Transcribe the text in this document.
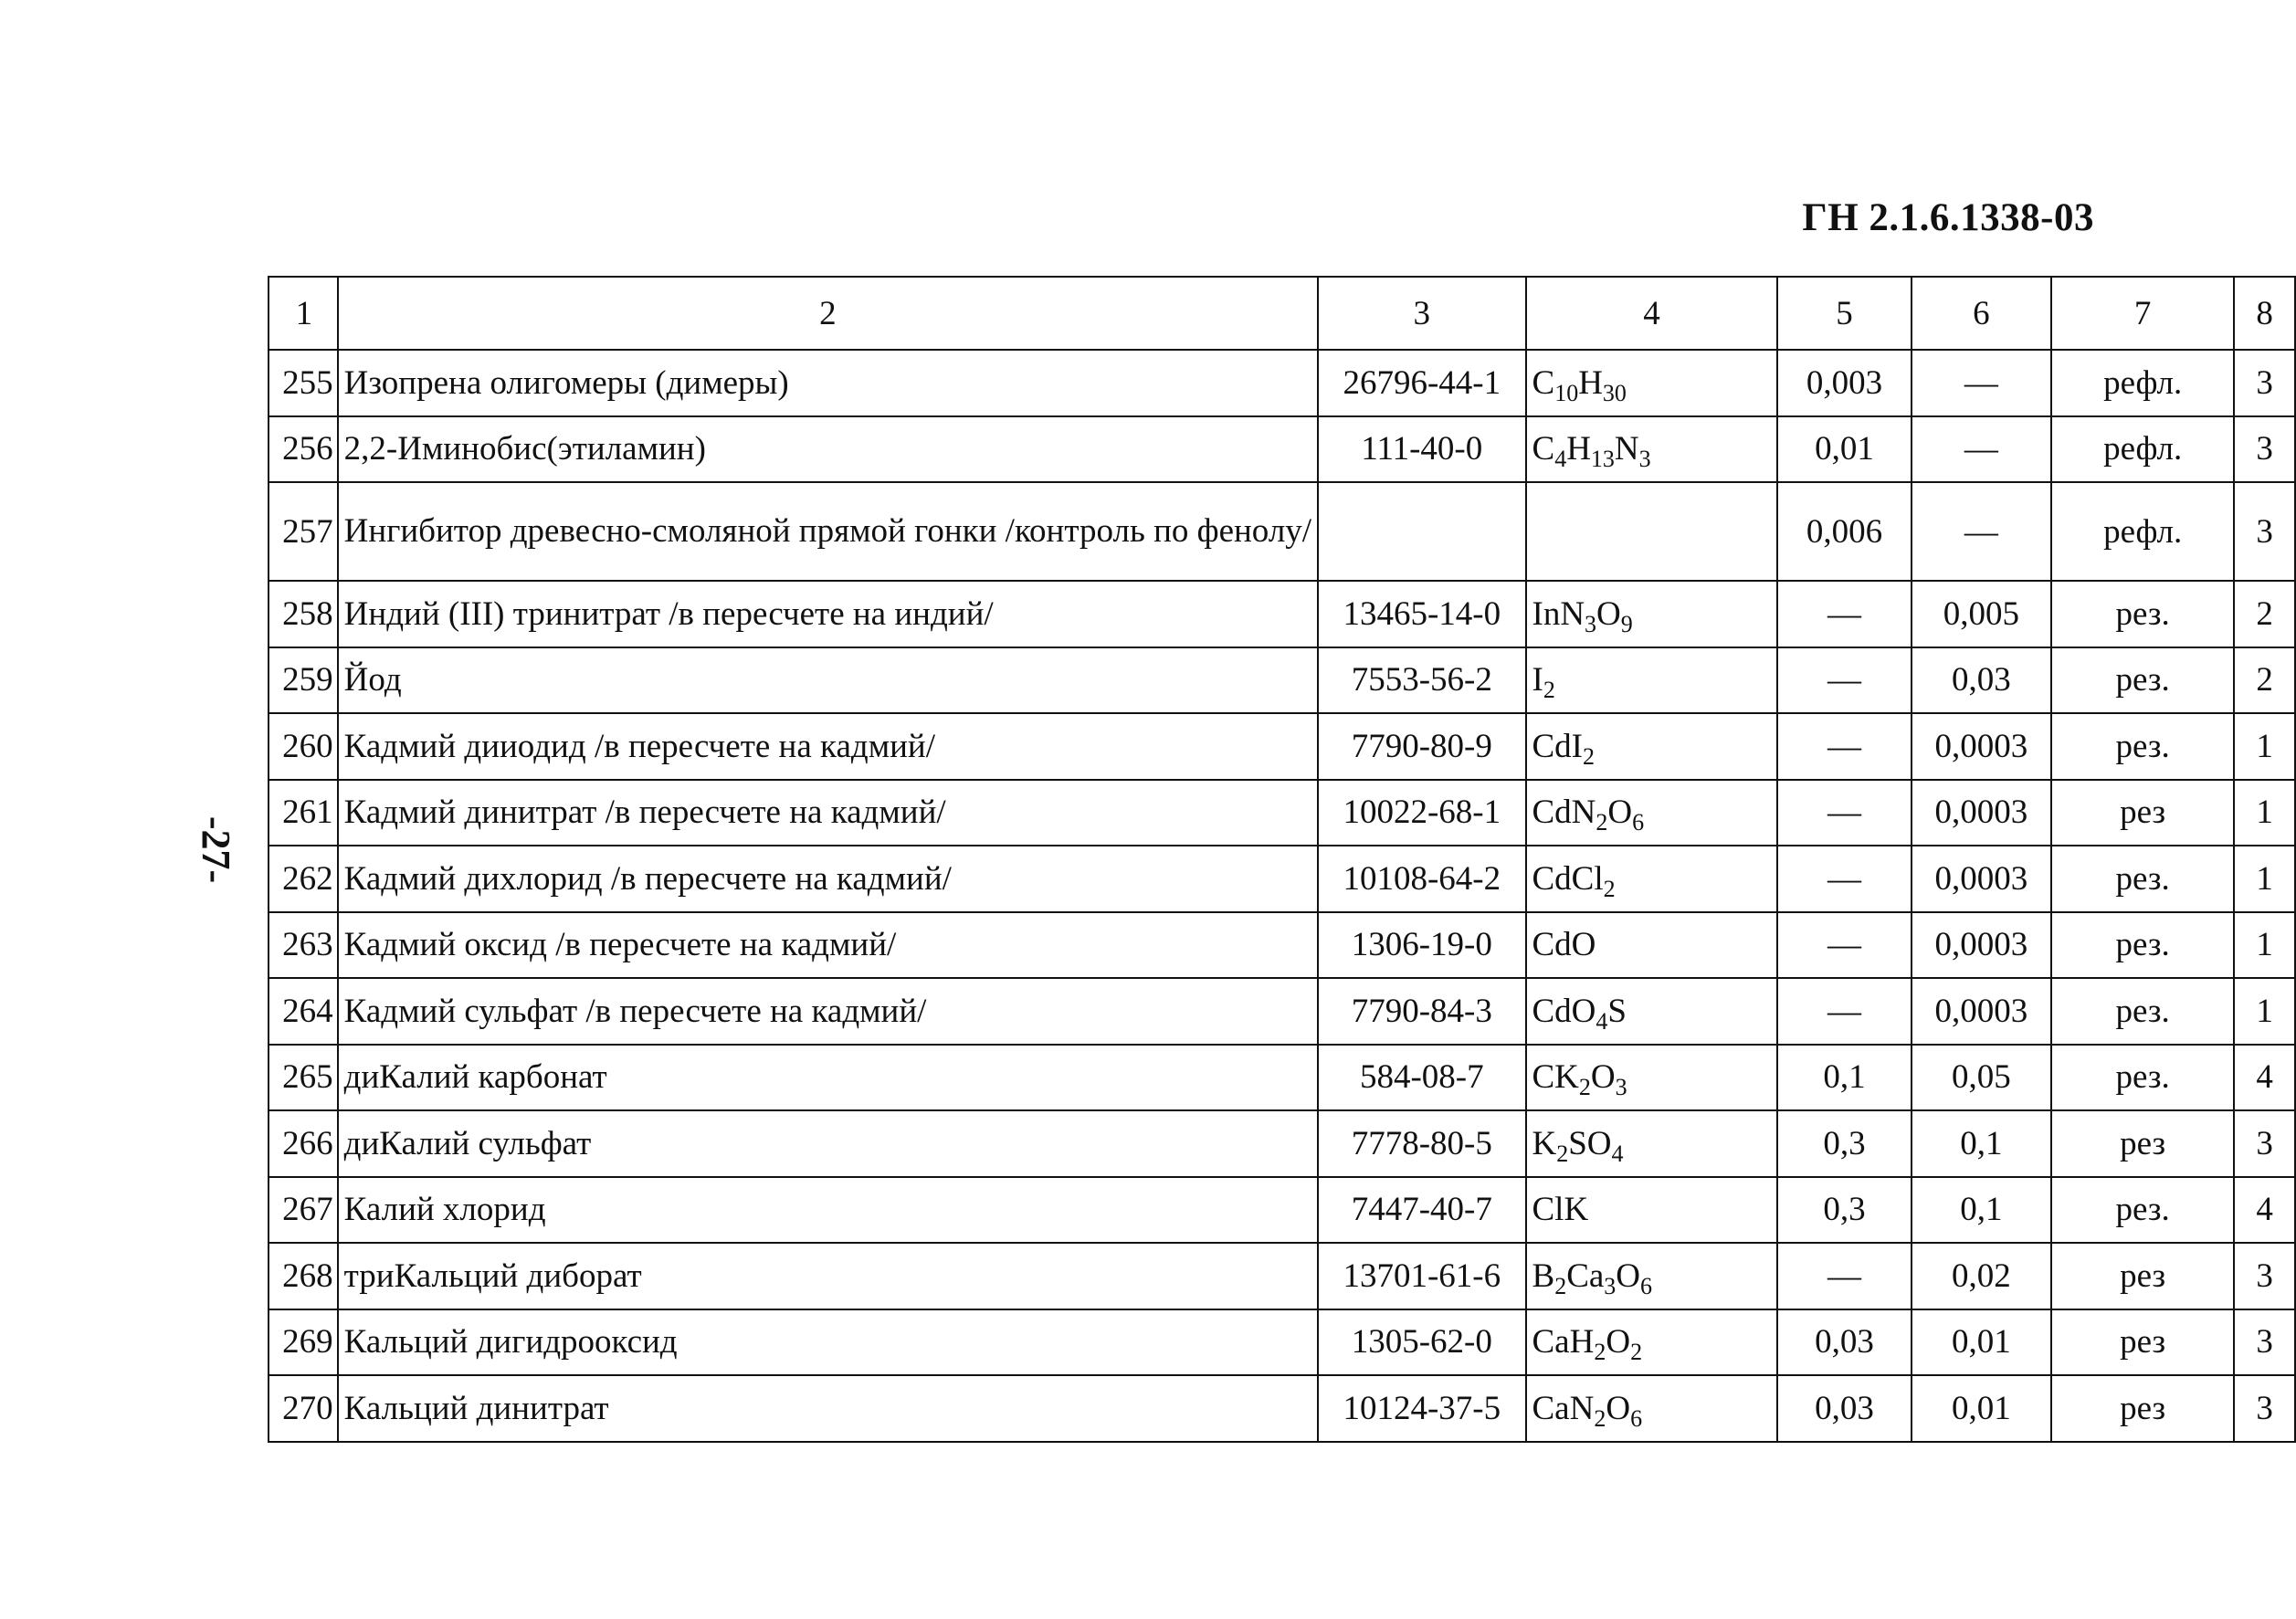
ГН 2.1.6.1338-03
-27-
1	2	3	4	5	6	7	8
255	Изопрена олигомеры (димеры)	26796-44-1	$C_{10}H_{30}$	0,003	—	рефл.	3
256	2,2-Иминобис(этиламин)	111-40-0	$C_4H_{13}N_3$	0,01	—	рефл.	3
257	Ингибитор древесно-смоляной прямой гонки /контроль по фенолу/			0,006	—	рефл.	3
258	Индий (III) тринитрат /в пересчете на индий/	13465-14-0	$InN_3O_9$	—	0,005	рез.	2
259	Йод	7553-56-2	$I_2$	—	0,03	рез.	2
260	Кадмий дииодид /в пересчете на кадмий/	7790-80-9	CdI$_2$	—	0,0003	рез.	1
261	Кадмий динитрат /в пересчете на кадмий/	10022-68-1	$CdN_2O_6$	—	0,0003	рез	1
262	Кадмий дихлорид /в пересчете на кадмий/	10108-64-2	CdCl$_2$	—	0,0003	рез.	1
263	Кадмий оксид /в пересчете на кадмий/	1306-19-0	CdO	—	0,0003	рез.	1
264	Кадмий сульфат /в пересчете на кадмий/	7790-84-3	CdO$_4$S	—	0,0003	рез.	1
265	диКалий карбонат	584-08-7	$CK_2O_3$	0,1	0,05	рез.	4
266	диКалий сульфат	7778-80-5	$K_2SO_4$	0,3	0,1	рез	3
267	Калий хлорид	7447-40-7	ClK	0,3	0,1	рез.	4
268	триКальций диборат	13701-61-6	$B_2Ca_3O_6$	—	0,02	рез	3
269	Кальций дигидрооксид	1305-62-0	$CaH_2O_2$	0,03	0,01	рез	3
270	Кальций динитрат	10124-37-5	$CaN_2O_6$	0,03	0,01	рез	3
